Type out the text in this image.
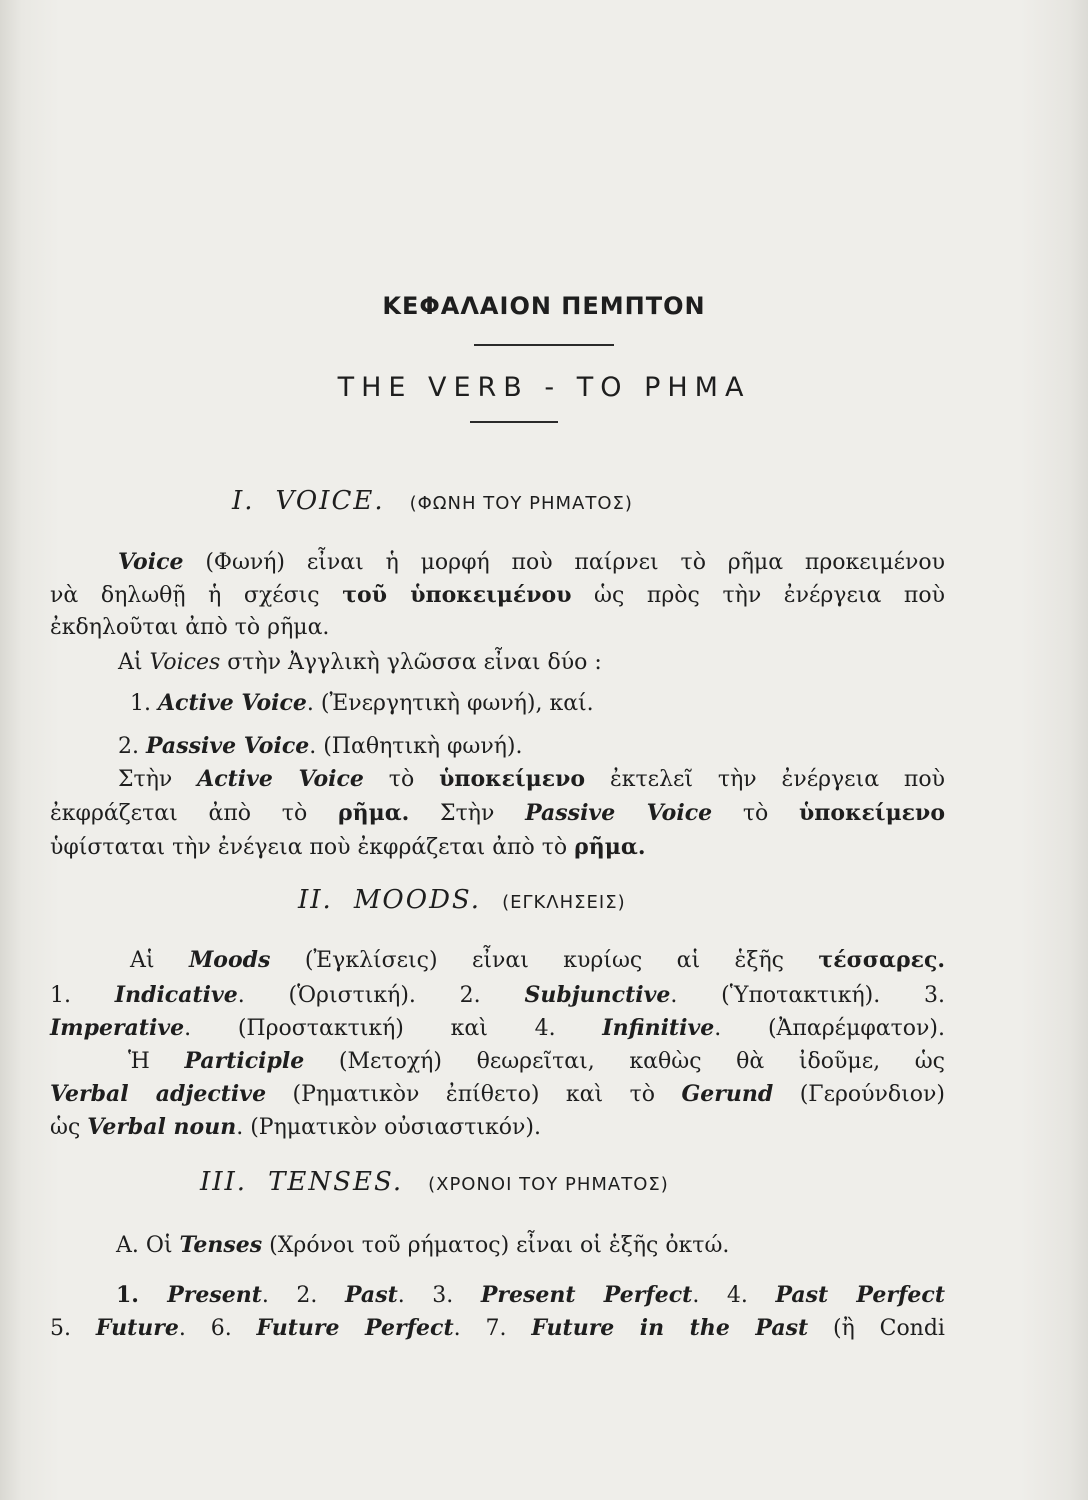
ΚΕΦΑΛΑΙΟΝ ΠΕΜΠΤΟΝ
THE VERB - ΤΟ ΡΗΜΑ
I. VOICE. (ΦΩΝΗ ΤΟΥ ΡΗΜΑΤΟΣ)
Voice (Φωνή) εἶναι ἡ μορφή ποὺ παίρνει τὸ ρῆμα προκειμένου
νὰ δηλωθῇ ἡ σχέσις τοῦ ὑποκειμένου ὡς πρὸς τὴν ἐνέργεια ποὺ
ἐκδηλοῦται ἀπὸ τὸ ρῆμα.
Αἱ Voices στὴν Ἀγγλικὴ γλῶσσα εἶναι δύο :
1. Active Voice. (Ἐνεργητικὴ φωνή), καί.
2. Passive Voice. (Παθητικὴ φωνή).
Στὴν Active Voice τὸ ὑποκείμενο ἐκτελεῖ τὴν ἐνέργεια ποὺ
ἐκφράζεται ἀπὸ τὸ ρῆμα. Στὴν Passive Voice τὸ ὑποκείμενο
ὑφίσταται τὴν ἐνέγεια ποὺ ἐκφράζεται ἀπὸ τὸ ρῆμα.
II. MOODS. (ΕΓΚΛΗΣΕΙΣ)
Αἱ Moods (Ἐγκλίσεις) εἶναι κυρίως αἱ ἑξῆς τέσσαρες.
1. Indicative. (Ὁριστική). 2. Subjunctive. (Ὑποτακτική). 3.
Imperative. (Προστακτική) καὶ 4. Infinitive. (Ἀπαρέμφατον).
Ἡ Participle (Μετοχή) θεωρεῖται, καθὼς θὰ ἰδοῦμε, ὡς
Verbal adjective (Ρηματικὸν ἐπίθετο) καὶ τὸ Gerund (Γερούνδιον)
ὡς Verbal noun. (Ρηματικὸν οὐσιαστικόν).
III. TENSES. (ΧΡΟΝΟΙ ΤΟΥ ΡΗΜΑΤΟΣ)
Α. Οἱ Tenses (Χρόνοι τοῦ ρήματος) εἶναι οἱ ἑξῆς ὀκτώ.
1. Present. 2. Past. 3. Present Perfect. 4. Past Perfect
5. Future. 6. Future Perfect. 7. Future in the Past (ἢ Condi
